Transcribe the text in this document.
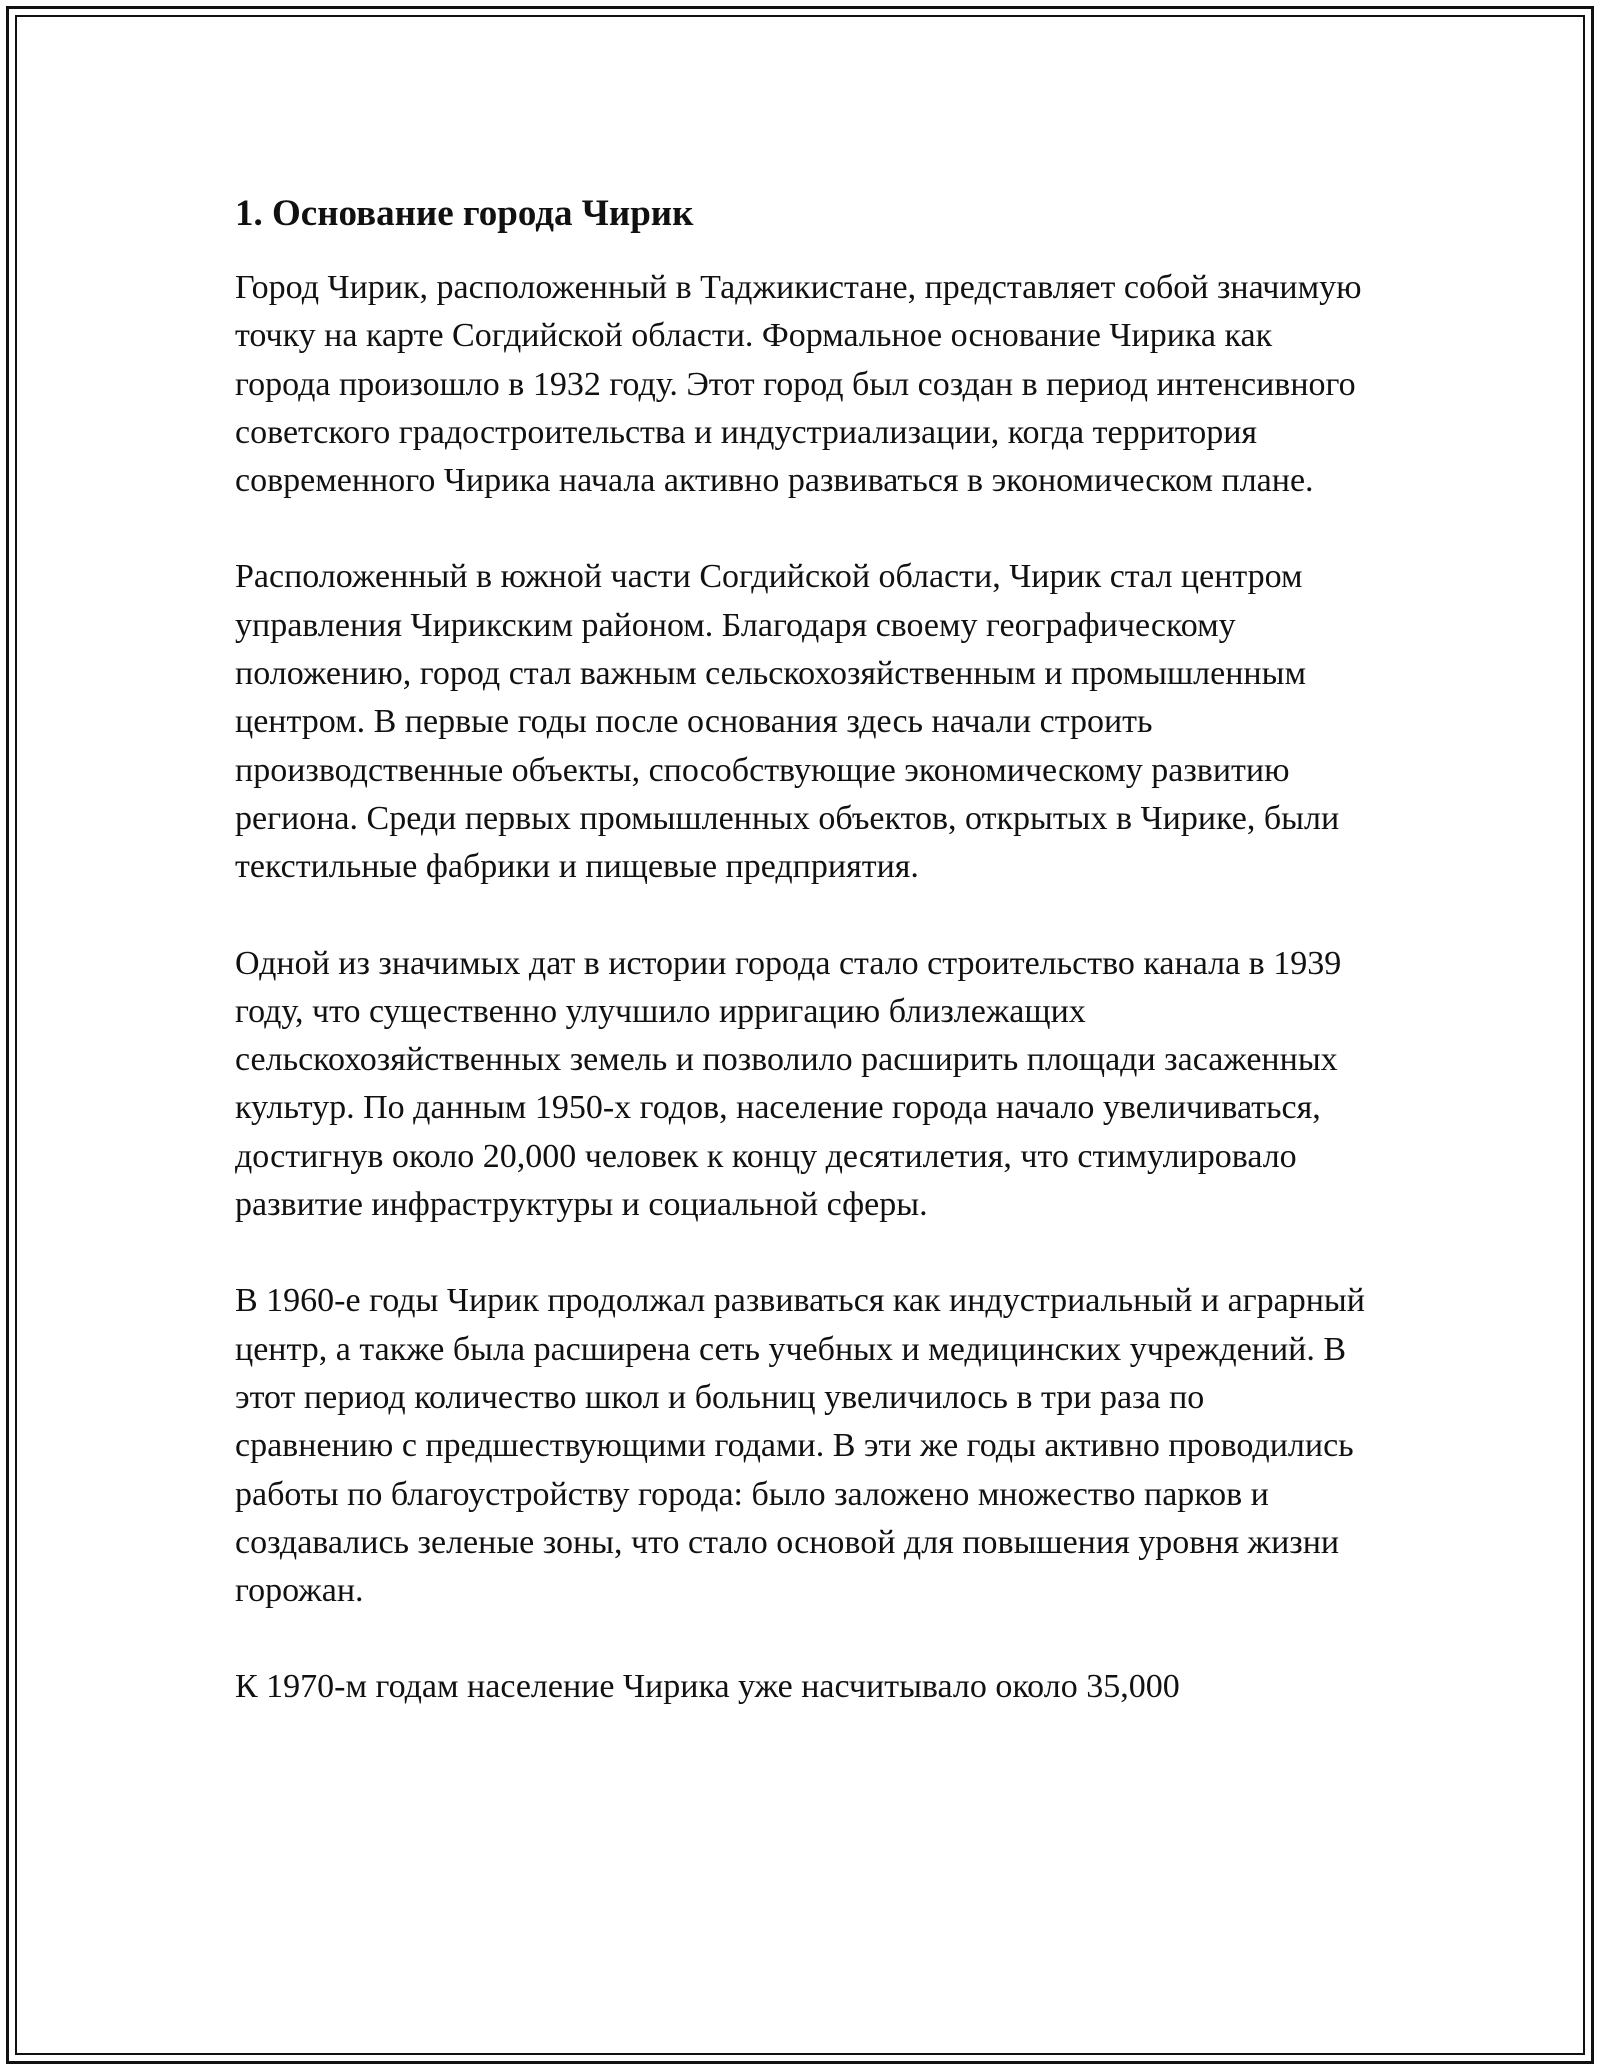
1. Основание города Чирик

Город Чирик, расположенный в Таджикистане, представляет собой значимую точку на карте Согдийской области. Формальное основание Чирика как города произошло в 1932 году. Этот город был создан в период интенсивного советского градостроительства и индустриализации, когда территория современного Чирика начала активно развиваться в экономическом плане.

Расположенный в южной части Согдийской области, Чирик стал центром управления Чирикским районом. Благодаря своему географическому положению, город стал важным сельскохозяйственным и промышленным центром. В первые годы после основания здесь начали строить производственные объекты, способствующие экономическому развитию региона. Среди первых промышленных объектов, открытых в Чирике, были текстильные фабрики и пищевые предприятия.

Одной из значимых дат в истории города стало строительство канала в 1939 году, что существенно улучшило ирригацию близлежащих сельскохозяйственных земель и позволило расширить площади засаженных культур. По данным 1950-х годов, население города начало увеличиваться, достигнув около 20,000 человек к концу десятилетия, что стимулировало развитие инфраструктуры и социальной сферы.

В 1960-е годы Чирик продолжал развиваться как индустриальный и аграрный центр, а также была расширена сеть учебных и медицинских учреждений. В этот период количество школ и больниц увеличилось в три раза по сравнению с предшествующими годами. В эти же годы активно проводились работы по благоустройству города: было заложено множество парков и создавались зеленые зоны, что стало основой для повышения уровня жизни горожан.

К 1970-м годам население Чирика уже насчитывало около 35,000
